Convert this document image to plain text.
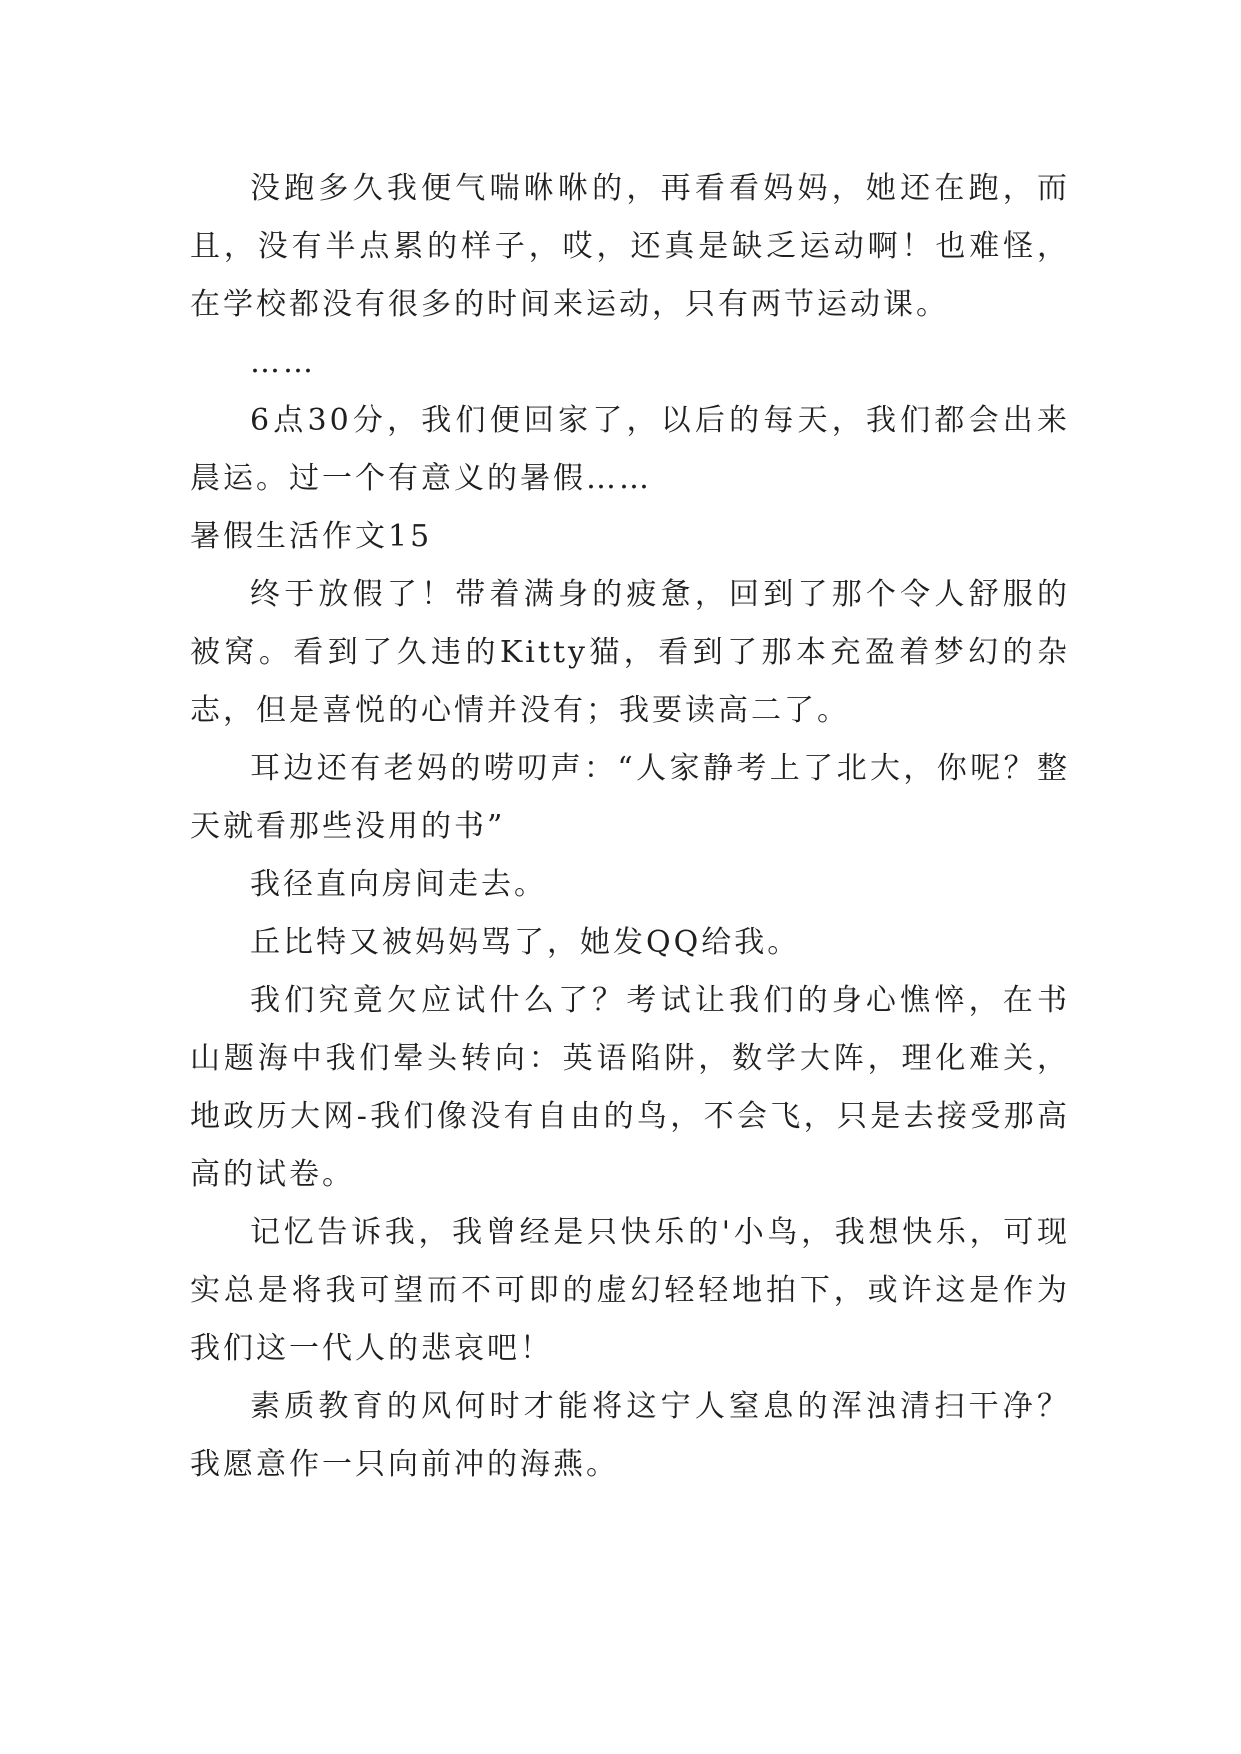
没跑多久我便气喘咻咻的，再看看妈妈，她还在跑，而且，没有半点累的样子，哎，还真是缺乏运动啊！也难怪，在学校都没有很多的时间来运动，只有两节运动课。

……

6点30分，我们便回家了，以后的每天，我们都会出来晨运。过一个有意义的暑假……

暑假生活作文15

终于放假了！带着满身的疲惫，回到了那个令人舒服的被窝。看到了久违的Kitty猫，看到了那本充盈着梦幻的杂志，但是喜悦的心情并没有；我要读高二了。

耳边还有老妈的唠叨声：“人家静考上了北大，你呢？整天就看那些没用的书”

我径直向房间走去。

丘比特又被妈妈骂了，她发QQ给我。

我们究竟欠应试什么了？考试让我们的身心憔悴，在书山题海中我们晕头转向：英语陷阱，数学大阵，理化难关，地政历大网-我们像没有自由的鸟，不会飞，只是去接受那高高的试卷。

记忆告诉我，我曾经是只快乐的'小鸟，我想快乐，可现实总是将我可望而不可即的虚幻轻轻地拍下，或许这是作为我们这一代人的悲哀吧！

素质教育的风何时才能将这宁人窒息的浑浊清扫干净？我愿意作一只向前冲的海燕。
